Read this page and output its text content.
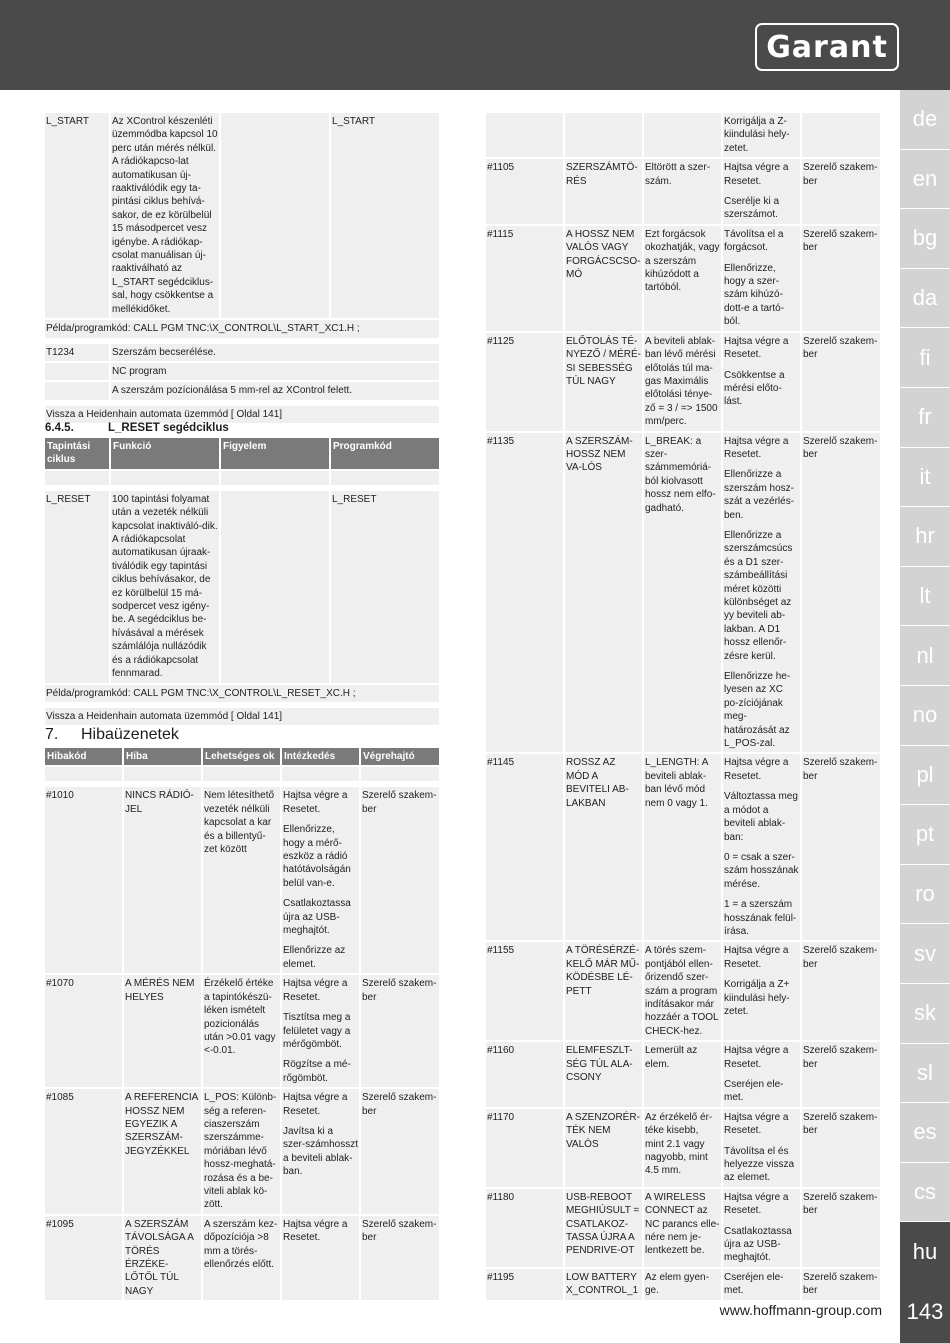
Garant
de
en
bg
da
fi
fr
it
hr
lt
nl
no
pl
pt
ro
sv
sk
sl
es
cs
hu
143
www.hoffmann-group.com
L_START	Az XControl készenléti üzemmódba kapcsol 10 perc után mérés nélkül. A rádiókapcso-lat automatikusan új-raaktiválódik egy ta-pintási ciklus behívá-sakor, de ez körülbelül 15 másodpercet vesz igénybe. A rádiókap-csolat manuálisan új-raaktiválható az L_START segédciklus-sal, hogy csökkentse a mellékidőket.		L_START
Példa/programkód: CALL PGM TNC:\X_CONTROL\L_START_XC1.H ;			

T1234	Szerszám becserélése.		
	NC program		
	A szerszám pozícionálása 5 mm-rel az XControl felett.		

Vissza a Heidenhain automata üzemmód [ Oldal 141]			
6.4.5.	L_RESET segédciklus
Tapintási ciklus	Funkció	Figyelem	Programkód

L_RESET	100 tapintási folyamat után a vezeték nélküli kapcsolat inaktiváló-dik. A rádiókapcsolat automatikusan újraak-tiválódik egy tapintási ciklus behívásakor, de ez körülbelül 15 má-sodpercet vesz igény-be. A segédciklus be-hívásával a mérések számlálója nullázódik és a rádiókapcsolat fennmarad.		L_RESET
Példa/programkód: CALL PGM TNC:\X_CONTROL\L_RESET_XC.H ;			

Vissza a Heidenhain automata üzemmód [ Oldal 141]			
7. Hibaüzenetek
Hibakód	Hiba	Lehetséges ok	Intézkedés	Végrehajtó

#1010	NINCS RÁDIÓ-JEL	Nem létesíthető vezeték nélküli kapcsolat a kar és a billentyű-zet között	Hajtsa végre a Resetet.

Ellenőrizze, hogy a mérő-eszköz a rádió hatótávolságán belül van-e.

Csatlakoztassa újra az USB-meghajtót.

Ellenőrizze az elemet.	Szerelő szakem-ber
#1070	A MÉRÉS NEM HELYES	Érzékelő értéke a tapintókészü-léken ismételt pozicionálás után >0.01 vagy <-0.01.	Hajtsa végre a Resetet.

Tisztítsa meg a felületet vagy a mérőgömböt.

Rögzítse a mé-rőgömböt.	Szerelő szakem-ber
#1085	A REFERENCIA HOSSZ NEM EGYEZIK A SZERSZÁM-JEGYZÉKKEL	L_POS: Különb-ség a referen-ciaszerszám szerszámme-móriában lévő hossz-meghatá-rozása és a be-viteli ablak kö-zött.	Hajtsa végre a Resetet.

Javítsa ki a szer-számhosszt a beviteli ablak-ban.	Szerelő szakem-ber
#1095	A SZERSZÁM TÁVOLSÁGA A TÖRÉS ÉRZÉKE-LŐTŐL TÚL NAGY	A szerszám kez-dőpozíciója >8 mm a törés-ellenőrzés előtt.	Hajtsa végre a Resetet.	Szerelő szakem-ber

			Korrigálja a Z-kiindulási hely-zetet.	

#1105	SZERSZÁMTÖ-RÉS	Eltörött a szer-szám.	Hajtsa végre a Resetet.

Cserélje ki a szerszámot.	Szerelő szakem-ber
#1115	A HOSSZ NEM VALÓS VAGY FORGÁCSCSO-MÓ	Ezt forgácsok okozhatják, vagy a szerszám kihúzódott a tartóból.	Távolítsa el a forgácsot.

Ellenőrizze, hogy a szer-szám kihúzó-dott-e a tartó-ból.	Szerelő szakem-ber
#1125	ELŐTOLÁS TÉ-NYEZŐ / MÉRÉ-SI SEBESSÉG TÚL NAGY	A beviteli ablak-ban lévő mérési előtolás túl ma-gas Maximális előtolási ténye-ző = 3 / => 1500 mm/perc.	Hajtsa végre a Resetet.

Csökkentse a mérési előto-lást.	Szerelő szakem-ber
#1135	A SZERSZÁM-HOSSZ NEM VA-LÓS	L_BREAK: a szer-számmemóriá-ból kiolvasott hossz nem elfo-gadható.	Hajtsa végre a Resetet.

Ellenőrizze a szerszám hosz-szát a vezérlés-ben.

Ellenőrizze a szerszámcsúcs és a D1 szer-számbeállítási méret közötti különbséget az yy beviteli ab-lakban. A D1 hossz ellenőr-zésre kerül.

Ellenőrizze he-lyesen az XC po-zíciójának meg-határozását az L_POS-zal.	Szerelő szakem-ber
#1145	ROSSZ AZ MÓD A BEVITELI AB-LAKBAN	L_LENGTH: A beviteli ablak-ban lévő mód nem 0 vagy 1.	Hajtsa végre a Resetet.

Változtassa meg a módot a beviteli ablak-ban:

0 = csak a szer-szám hosszának mérése.

1 = a szerszám hosszának felül-írása.	Szerelő szakem-ber
#1155	A TÖRÉSÉRZÉ-KELŐ MÁR MŰ-KÖDÉSBE LÉ-PETT	A törés szem-pontjából ellen-őrizendő szer-szám a program indításakor már hozzáér a TOOL CHECK-hez.	Hajtsa végre a Resetet.

Korrigálja a Z+ kiindulási hely-zetet.	Szerelő szakem-ber
#1160	ELEMFESZLT-SÉG TÚL ALA-CSONY	Lemerült az elem.	Hajtsa végre a Resetet.

Cseréjen ele-met.	Szerelő szakem-ber
#1170	A SZENZORÉR-TÉK NEM VALÓS	Az érzékelő ér-téke kisebb, mint 2.1 vagy nagyobb, mint 4.5 mm.	Hajtsa végre a Resetet.

Távolítsa el és helyezze vissza az elemet.	Szerelő szakem-ber
#1180	USB-REBOOT MEGHIÚSULT = CSATLAKOZ-TASSA ÚJRA A PENDRIVE-OT	A WIRELESS CONNECT az NC parancs elle-nére nem je-lentkezett be.	Hajtsa végre a Resetet.

Csatlakoztassa újra az USB-meghajtót.	Szerelő szakem-ber
#1195	LOW BATTERY X_CONTROL_1	Az elem gyen-ge.	Cseréjen ele-met.	Szerelő szakem-ber
